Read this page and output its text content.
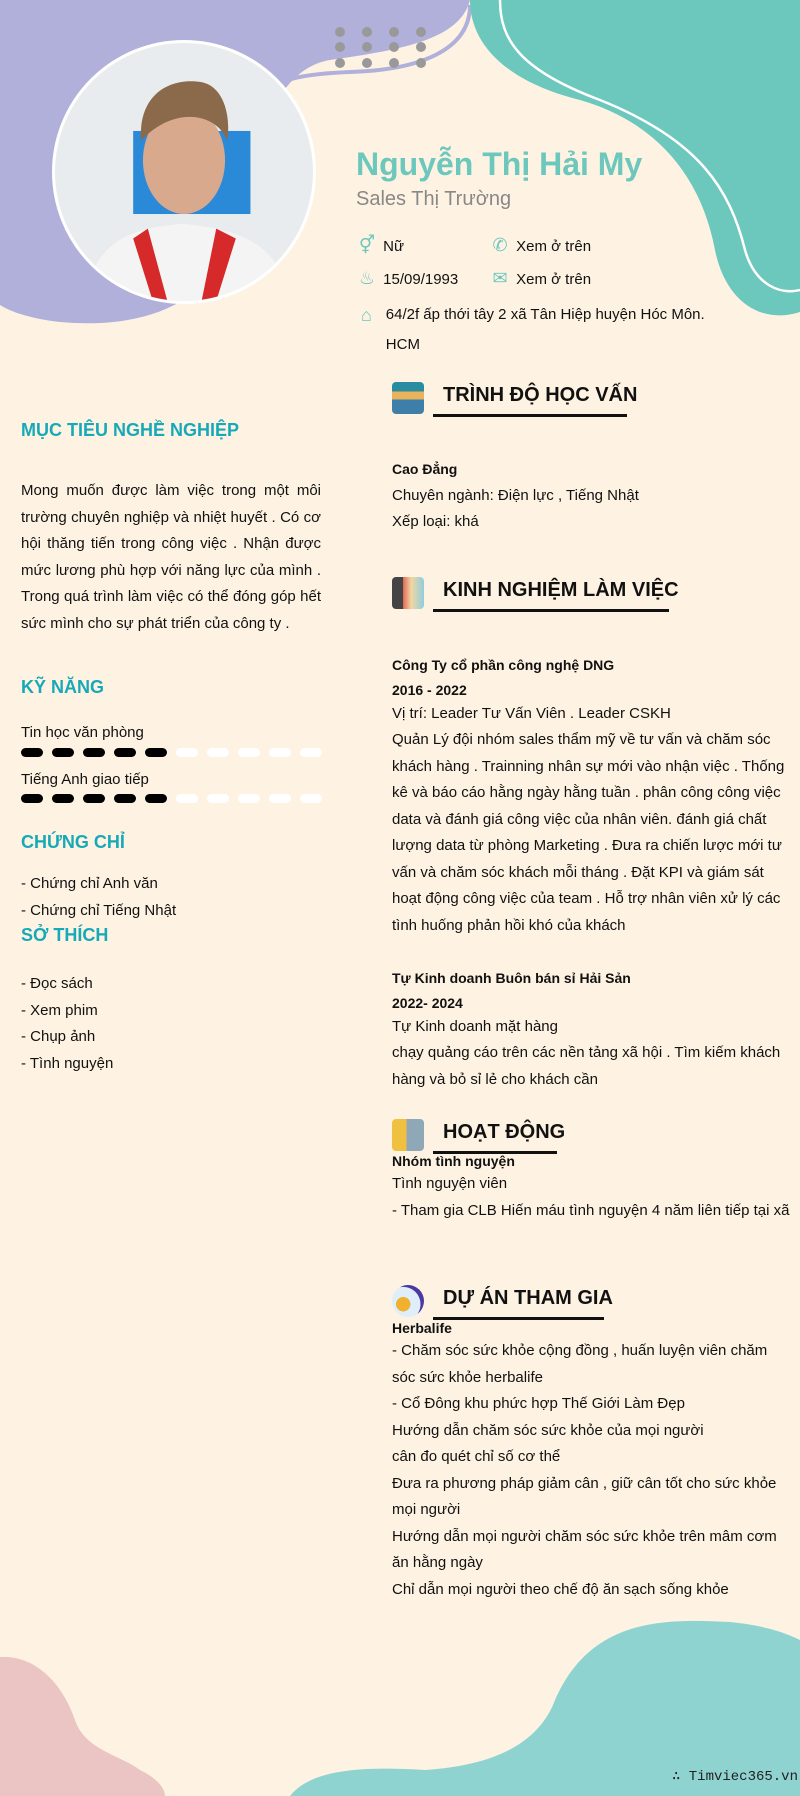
Nguyễn Thị Hải My
Sales Thị Trường
⚥ Nữ	✆ Xem ở trên
♨ 15/09/1993 ✉ Xem ở trên
⌂ 64/2f ấp thới tây 2 xã Tân Hiệp huyện Hóc Môn. HCM
MỤC TIÊU NGHỀ NGHIỆP
Mong muốn được làm việc trong một môi trường chuyên nghiệp và nhiệt huyết . Có cơ hội thăng tiến trong công việc . Nhận được mức lương phù hợp với năng lực của mình . Trong quá trình làm việc có thể đóng góp hết sức mình cho sự phát triển của công ty .
KỸ NĂNG
Tin học văn phòng
Tiếng Anh giao tiếp
CHỨNG CHỈ
- Chứng chỉ Anh văn
- Chứng chỉ Tiếng Nhật
SỞ THÍCH
- Đọc sách
- Xem phim
- Chụp ảnh
- Tình nguyện
TRÌNH ĐỘ HỌC VẤN
Cao Đẳng
Chuyên ngành: Điện lực , Tiếng Nhật
Xếp loại: khá
KINH NGHIỆM LÀM VIỆC
Công Ty cổ phần công nghệ DNG
2016 - 2022
Vị trí: Leader Tư Vấn Viên . Leader CSKH
Quản Lý đội nhóm sales thẩm mỹ về tư vấn và chăm sóc khách hàng . Trainning nhân sự mới vào nhận việc . Thống kê và báo cáo hằng ngày hằng tuần . phân công công việc data và đánh giá công việc của nhân viên. đánh giá chất lượng data từ phòng Marketing . Đưa ra chiến lược mới tư vấn và chăm sóc khách mỗi tháng . Đặt KPI và giám sát hoạt động công việc của team . Hỗ trợ nhân viên xử lý các tình huống phản hồi khó của khách
Tự Kinh doanh Buôn bán sỉ Hải Sản
2022- 2024
Tự Kinh doanh mặt hàng
chạy quảng cáo trên các nền tảng xã hội . Tìm kiếm khách hàng và bỏ sỉ lẻ cho khách cần
HOẠT ĐỘNG
Nhóm tình nguyện
Tình nguyện viên
- Tham gia CLB Hiến máu tình nguyện 4 năm liên tiếp tại xã
DỰ ÁN THAM GIA
Herbalife
- Chăm sóc sức khỏe cộng đồng , huấn luyện viên chăm sóc sức khỏe herbalife
- Cổ Đông khu phức hợp Thế Giới Làm Đẹp
Hướng dẫn chăm sóc sức khỏe của mọi người
cân đo quét chỉ số cơ thể
Đưa ra phương pháp giảm cân , giữ cân tốt cho sức khỏe mọi người
Hướng dẫn mọi người chăm sóc sức khỏe trên mâm cơm ăn hằng ngày
Chỉ dẫn mọi người theo chế độ ăn sạch sống khỏe
∴ Timviec365.vn
